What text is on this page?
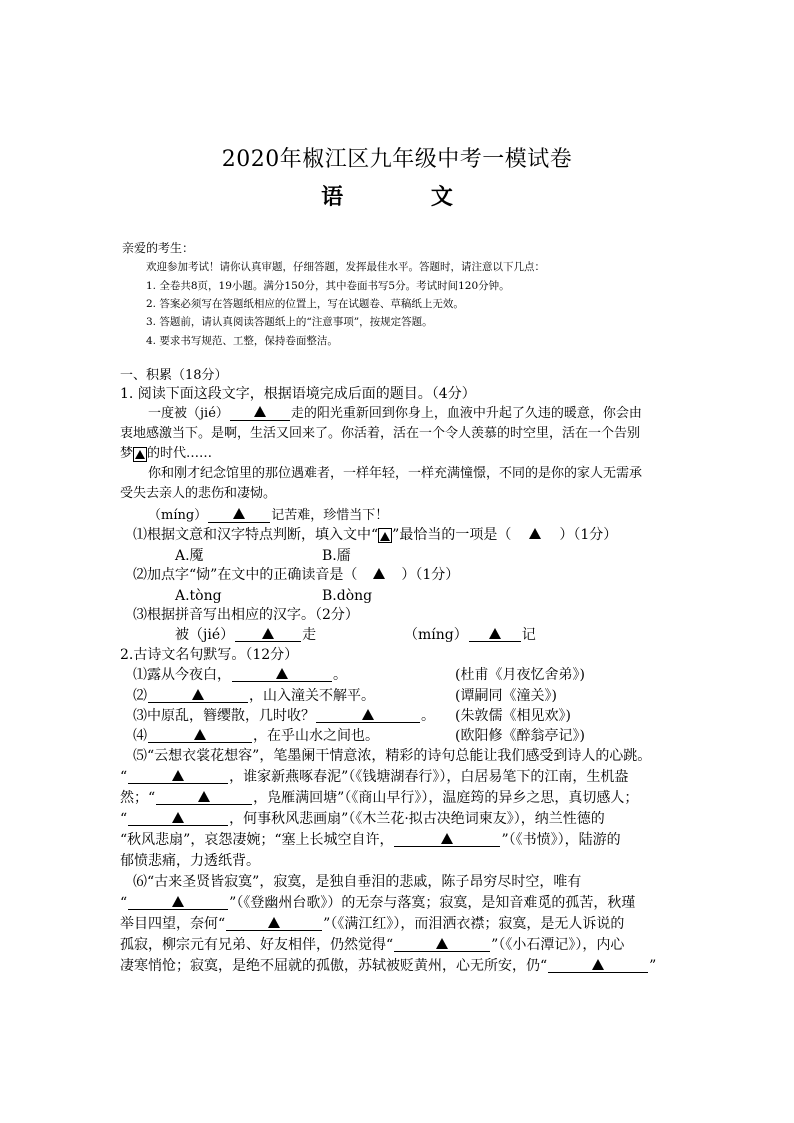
2020年椒江区九年级中考一模试卷
语 文
亲爱的考生：
欢迎参加考试！请你认真审题，仔细答题，发挥最佳水平。答题时，请注意以下几点：
1. 全卷共8页，19小题。满分150分，其中卷面书写5分。考试时间120分钟。
2. 答案必须写在答题纸相应的位置上，写在试题卷、草稿纸上无效。
3. 答题前，请认真阅读答题纸上的“注意事项”，按规定答题。
4. 要求书写规范、工整，保持卷面整洁。
一、积累（18分）
1. 阅读下面这段文字，根据语境完成后面的题目。（4分）
一度被（jié）	走的阳光重新回到你身上，血液中升起了久违的暖意，你会由
衷地感激当下。是啊，生活又回来了。你活着，活在一个令人羡慕的时空里，活在一个告别
梦 的时代……
你和刚才纪念馆里的那位遇难者，一样年轻，一样充满憧憬，不同的是你的家人无需承
受失去亲人的悲伤和凄恸。
（míng）	记苦难，珍惜当下！
⑴根据文意和汉字特点判断，填入文中“ ”最恰当的一项是（	）（1分）
A.魇	B.靥
⑵加点字“恸”在文中的正确读音是（	）（1分）
A.tòng	B.dòng
⑶根据拼音写出相应的汉字。（2分）
被（jié）	走	（míng）	记
2.古诗文名句默写。（12分）
⑴露从今夜白，	。	(杜甫《月夜忆舍弟》)
⑵	，山入潼关不解平。	(谭嗣同《潼关》)
⑶中原乱，簪缨散，几时收？	。 (朱敦儒《相见欢》)
⑷	，在乎山水之间也。	(欧阳修《醉翁亭记》)
⑸“云想衣裳花想容”，笔墨阑干情意浓，精彩的诗句总能让我们感受到诗人的心跳。
“	，谁家新燕啄春泥”（《钱塘湖春行》），白居易笔下的江南，生机盎
然；“	，凫雁满回塘”（《商山早行》），温庭筠的异乡之思，真切感人；
“	，何事秋风悲画扇”（《木兰花·拟古决绝词柬友》），纳兰性德的
“秋风悲扇”，哀怨凄婉；“塞上长城空自许，	”（《书愤》），陆游的
郁愤悲痛，力透纸背。
⑹“古来圣贤皆寂寞”，寂寞，是独自垂泪的悲戚，陈子昂穷尽时空，唯有
“	”（《登幽州台歌》）的无奈与落寞；寂寞，是知音难觅的孤苦，秋瑾
举目四望，奈何“	”（《满江红》），而泪洒衣襟；寂寞，是无人诉说的
孤寂，柳宗元有兄弟、好友相伴，仍然觉得“	”（《小石潭记》），内心
凄寒悄怆；寂寞，是绝不屈就的孤傲，苏轼被贬黄州，心无所安，仍“	”
